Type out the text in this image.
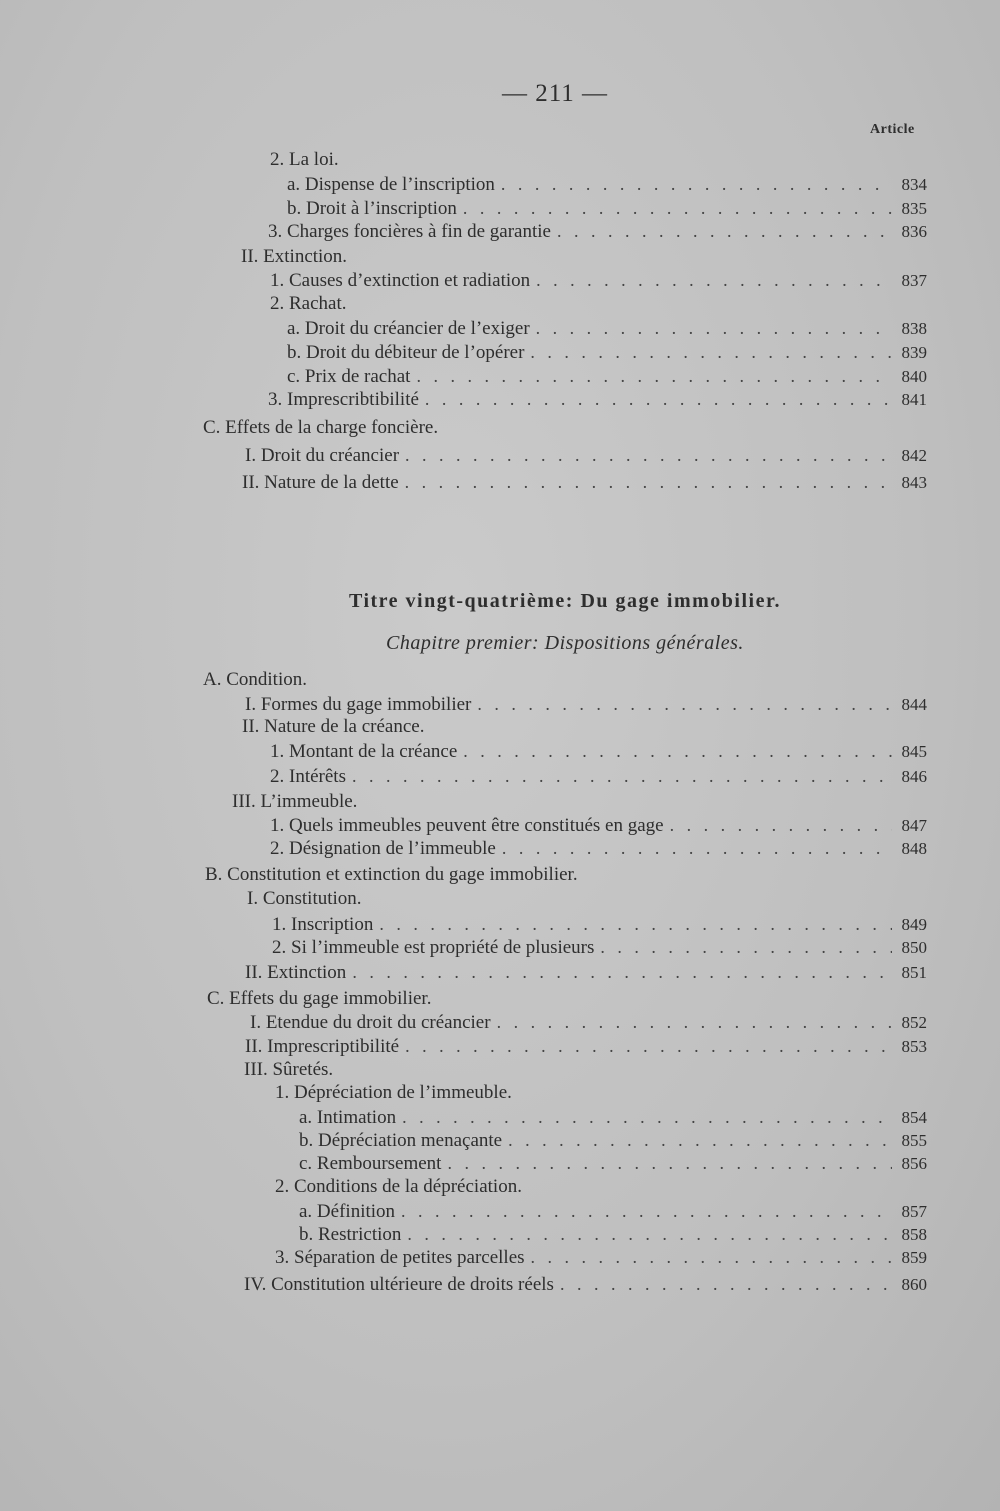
— 211 —
Article
2. La loi.
a. Dispense de l’inscription . . .	834
b. Droit à l’inscription . . .	835
3. Charges foncières à fin de garantie . . .	836
II. Extinction.
1. Causes d’extinction et radiation . . .	837
2. Rachat.
a. Droit du créancier de l’exiger . . .	838
b. Droit du débiteur de l’opérer . . .	839
c. Prix de rachat . . .	840
3. Imprescribtibilité . . .	841
C. Effets de la charge foncière.
I. Droit du créancier . . .	842
II. Nature de la dette . . .	843
Titre vingt-quatrième: Du gage immobilier.
Chapitre premier: Dispositions générales.
A. Condition.
I. Formes du gage immobilier . . .	844
II. Nature de la créance.
1. Montant de la créance . . .	845
2. Intérêts . . .	846
III. L’immeuble.
1. Quels immeubles peuvent être constitués en gage . . .	847
2. Désignation de l’immeuble . . .	848
B. Constitution et extinction du gage immobilier.
I. Constitution.
1. Inscription . . .	849
2. Si l’immeuble est propriété de plusieurs . . .	850
II. Extinction . . .	851
C. Effets du gage immobilier.
I. Etendue du droit du créancier . . .	852
II. Imprescriptibilité . . .	853
III. Sûretés.
1. Dépréciation de l’immeuble.
a. Intimation . . .	854
b. Dépréciation menaçante . . .	855
c. Remboursement . . .	856
2. Conditions de la dépréciation.
a. Définition . . .	857
b. Restriction . . .	858
3. Séparation de petites parcelles . . .	859
IV. Constitution ultérieure de droits réels . . .	860
